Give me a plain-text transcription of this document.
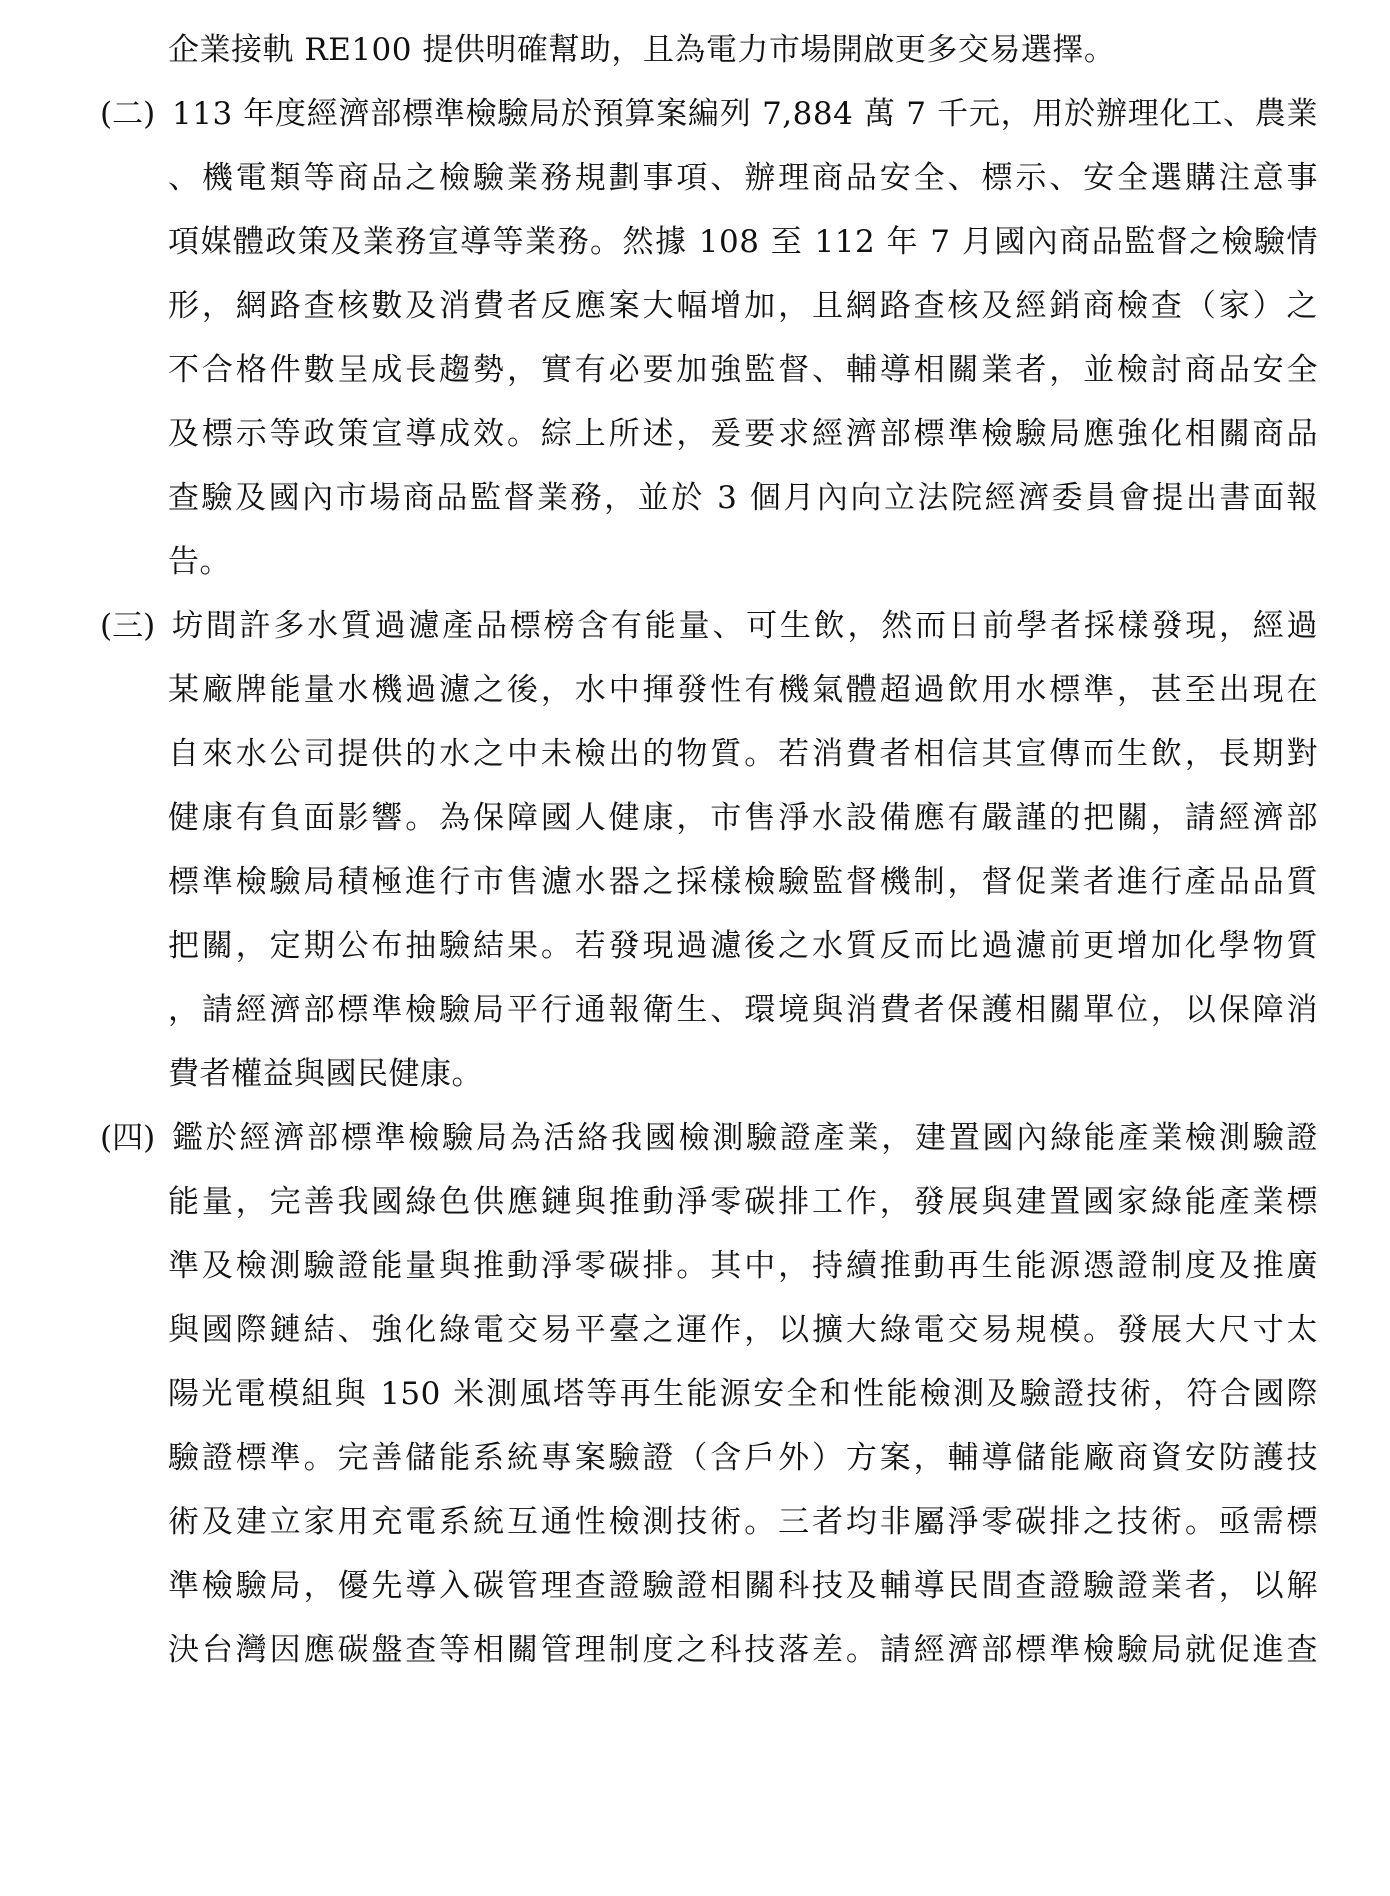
企業接軌 RE100 提供明確幫助，且為電力市場開啟更多交易選擇。
(二) 113 年度經濟部標準檢驗局於預算案編列 7,884 萬 7 千元，用於辦理化工、農業
、機電類等商品之檢驗業務規劃事項、辦理商品安全、標示、安全選購注意事
項媒體政策及業務宣導等業務。然據 108 至 112 年 7 月國內商品監督之檢驗情
形，網路查核數及消費者反應案大幅增加，且網路查核及經銷商檢查（家）之
不合格件數呈成長趨勢，實有必要加強監督、輔導相關業者，並檢討商品安全
及標示等政策宣導成效。綜上所述，爰要求經濟部標準檢驗局應強化相關商品
查驗及國內市場商品監督業務，並於 3 個月內向立法院經濟委員會提出書面報
告。
(三) 坊間許多水質過濾產品標榜含有能量、可生飲，然而日前學者採樣發現，經過
某廠牌能量水機過濾之後，水中揮發性有機氣體超過飲用水標準，甚至出現在
自來水公司提供的水之中未檢出的物質。若消費者相信其宣傳而生飲，長期對
健康有負面影響。為保障國人健康，市售淨水設備應有嚴謹的把關，請經濟部
標準檢驗局積極進行市售濾水器之採樣檢驗監督機制，督促業者進行產品品質
把關，定期公布抽驗結果。若發現過濾後之水質反而比過濾前更增加化學物質
，請經濟部標準檢驗局平行通報衛生、環境與消費者保護相關單位，以保障消
費者權益與國民健康。
(四) 鑑於經濟部標準檢驗局為活絡我國檢測驗證產業，建置國內綠能產業檢測驗證
能量，完善我國綠色供應鏈與推動淨零碳排工作，發展與建置國家綠能產業標
準及檢測驗證能量與推動淨零碳排。其中，持續推動再生能源憑證制度及推廣
與國際鏈結、強化綠電交易平臺之運作，以擴大綠電交易規模。發展大尺寸太
陽光電模組與 150 米測風塔等再生能源安全和性能檢測及驗證技術，符合國際
驗證標準。完善儲能系統專案驗證（含戶外）方案，輔導儲能廠商資安防護技
術及建立家用充電系統互通性檢測技術。三者均非屬淨零碳排之技術。亟需標
準檢驗局，優先導入碳管理查證驗證相關科技及輔導民間查證驗證業者，以解
決台灣因應碳盤查等相關管理制度之科技落差。請經濟部標準檢驗局就促進查
